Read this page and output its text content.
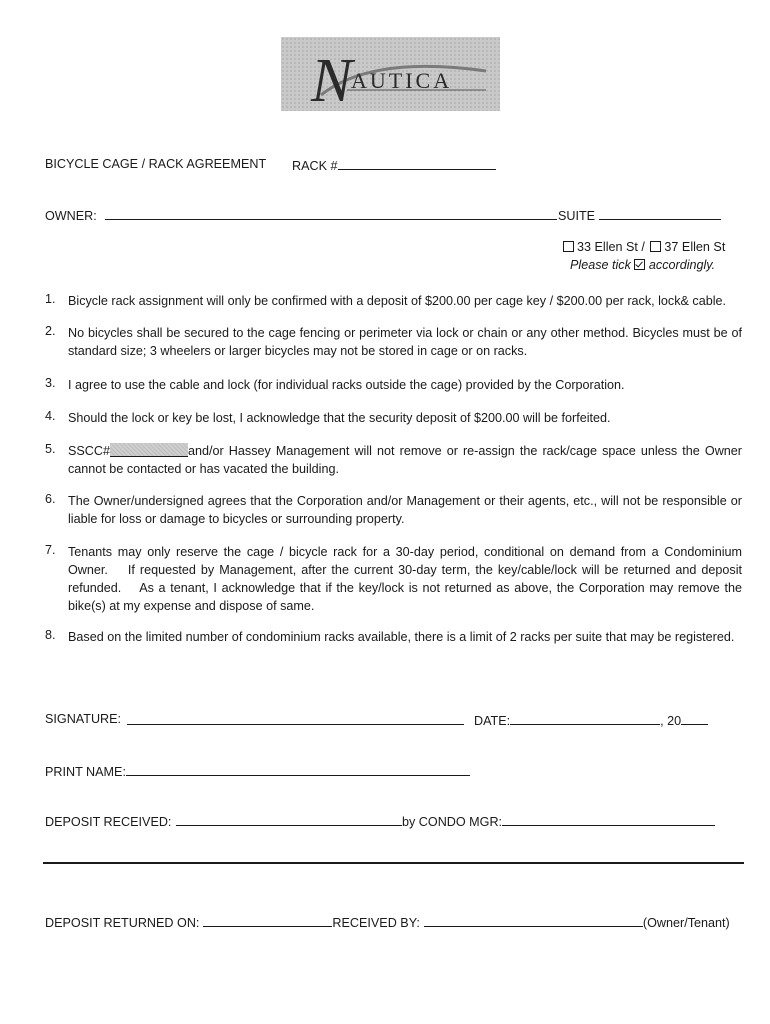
N
AUTICA
BICYCLE CAGE / RACK AGREEMENT RACK #
OWNER:	SUITE
33 Ellen St / 37 Ellen St
Please tick accordingly.
1. Bicycle rack assignment will only be confirmed with a deposit of $200.00 per cage key / $200.00 per rack, lock& cable.
2. No bicycles shall be secured to the cage fencing or perimeter via lock or chain or any other method. Bicycles must be of standard size; 3 wheelers or larger bicycles may not be stored in cage or on racks.
3. I agree to use the cable and lock (for individual racks outside the cage) provided by the Corporation.
4. Should the lock or key be lost, I acknowledge that the security deposit of $200.00 will be forfeited.
5. SSCC#	and/or Hassey Management will not remove or re-assign the rack/cage space unless the Owner cannot be contacted or has vacated the building.
6. The Owner/undersigned agrees that the Corporation and/or Management or their agents, etc., will not be responsible or liable for loss or damage to bicycles or surrounding property.
7. Tenants may only reserve the cage / bicycle rack for a 30-day period, conditional on demand from a Condominium Owner.    If requested by Management, after the current 30-day term, the key/cable/lock will be returned and deposit refunded.    As a tenant, I acknowledge that if the key/lock is not returned as above, the Corporation may remove the bike(s) at my expense and dispose of same.
8. Based on the limited number of condominium racks available, there is a limit of 2 racks per suite that may be registered.
SIGNATURE:	DATE:	, 20
PRINT NAME:
DEPOSIT RECEIVED:	by CONDO MGR:
DEPOSIT RETURNED ON:	RECEIVED BY:	(Owner/Tenant)
